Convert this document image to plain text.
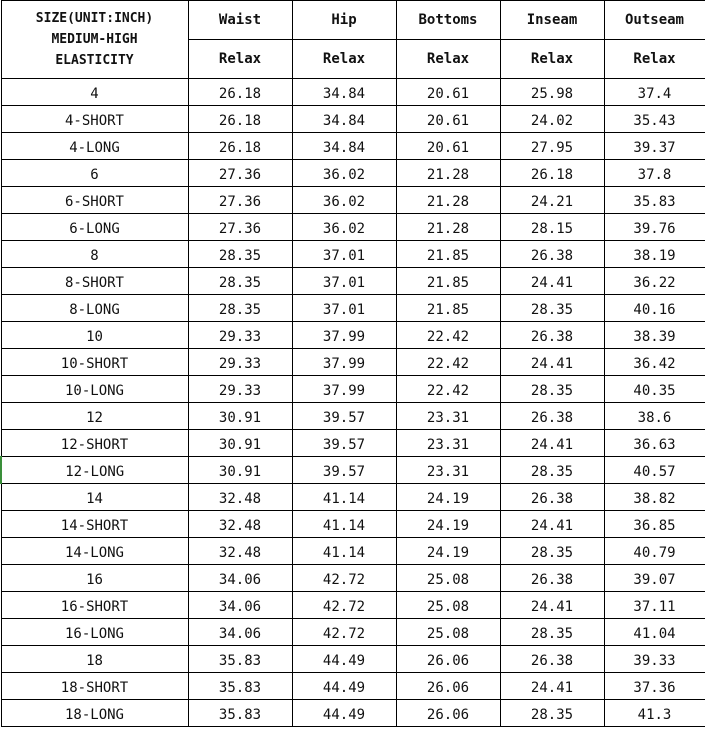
SIZE(UNIT:INCH)
MEDIUM-HIGH
ELASTICITY	Waist	Hip	Bottoms	Inseam	Outseam
	Relax	Relax	Relax	Relax	Relax
4	26.18	34.84	20.61	25.98	37.4
4-SHORT	26.18	34.84	20.61	24.02	35.43
4-LONG	26.18	34.84	20.61	27.95	39.37
6	27.36	36.02	21.28	26.18	37.8
6-SHORT	27.36	36.02	21.28	24.21	35.83
6-LONG	27.36	36.02	21.28	28.15	39.76
8	28.35	37.01	21.85	26.38	38.19
8-SHORT	28.35	37.01	21.85	24.41	36.22
8-LONG	28.35	37.01	21.85	28.35	40.16
10	29.33	37.99	22.42	26.38	38.39
10-SHORT	29.33	37.99	22.42	24.41	36.42
10-LONG	29.33	37.99	22.42	28.35	40.35
12	30.91	39.57	23.31	26.38	38.6
12-SHORT	30.91	39.57	23.31	24.41	36.63
12-LONG	30.91	39.57	23.31	28.35	40.57
14	32.48	41.14	24.19	26.38	38.82
14-SHORT	32.48	41.14	24.19	24.41	36.85
14-LONG	32.48	41.14	24.19	28.35	40.79
16	34.06	42.72	25.08	26.38	39.07
16-SHORT	34.06	42.72	25.08	24.41	37.11
16-LONG	34.06	42.72	25.08	28.35	41.04
18	35.83	44.49	26.06	26.38	39.33
18-SHORT	35.83	44.49	26.06	24.41	37.36
18-LONG	35.83	44.49	26.06	28.35	41.3
